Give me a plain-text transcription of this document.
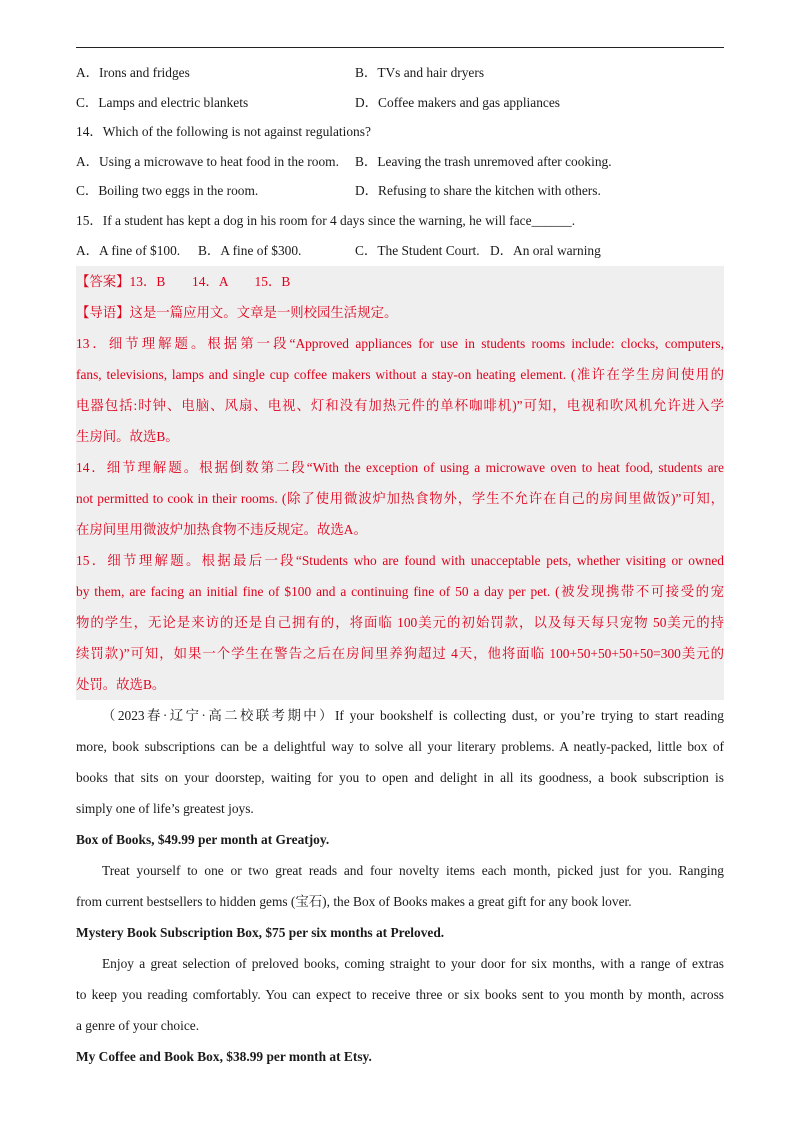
A．Irons and fridges	B．TVs and hair dryers
C．Lamps and electric blankets	D．Coffee makers and gas appliances
14．Which of the following is not against regulations?
A．Using a microwave to heat food in the room. B．Leaving the trash unremoved after cooking.
C．Boiling two eggs in the room.	D．Refusing to share the kitchen with others.
15．If a student has kept a dog in his room for 4 days since the warning, he will face______.
A．A fine of $100. B．A fine of $300.	C．The Student Court. D．An oral warning
【答案】13．B　　14．A　　15．B
【导语】这是一篇应用文。文章是一则校园生活规定。
13．细节理解题。根据第一段“Approved appliances for use in students rooms include: clocks, computers,
fans, televisions, lamps and single cup coffee makers without a stay-on heating element. (准许在学生房间使用的
电器包括:时钟、电脑、风扇、电视、灯和没有加热元件的单杯咖啡机)”可知，电视和吹风机允许进入学
生房间。故选B。
14．细节理解题。根据倒数第二段“With the exception of using a microwave oven to heat food, students are
not permitted to cook in their rooms. (除了使用微波炉加热食物外，学生不允许在自己的房间里做饭)”可知，
在房间里用微波炉加热食物不违反规定。故选A。
15．细节理解题。根据最后一段“Students who are found with unacceptable pets, whether visiting or owned
by them, are facing an initial fine of $100 and a continuing fine of 50 a day per pet. (被发现携带不可接受的宠
物的学生，无论是来访的还是自己拥有的，将面临 100美元的初始罚款，以及每天每只宠物 50美元的持
续罚款)”可知，如果一个学生在警告之后在房间里养狗超过 4天，他将面临 100+50+50+50+50=300美元的
处罚。故选B。
（2023春·辽宁·高二校联考期中）If your bookshelf is collecting dust, or you’re trying to start reading
more, book subscriptions can be a delightful way to solve all your literary problems. A neatly-packed, little box of
books that sits on your doorstep, waiting for you to open and delight in all its goodness, a book subscription is
simply one of life’s greatest joys.
Box of Books, $49.99 per month at Greatjoy.
Treat yourself to one or two great reads and four novelty items each month, picked just for you. Ranging
from current bestsellers to hidden gems (宝石), the Box of Books makes a great gift for any book lover.
Mystery Book Subscription Box, $75 per six months at Preloved.
Enjoy a great selection of preloved books, coming straight to your door for six months, with a range of extras
to keep you reading comfortably. You can expect to receive three or six books sent to you month by month, across
a genre of your choice.
My Coffee and Book Box, $38.99 per month at Etsy.
